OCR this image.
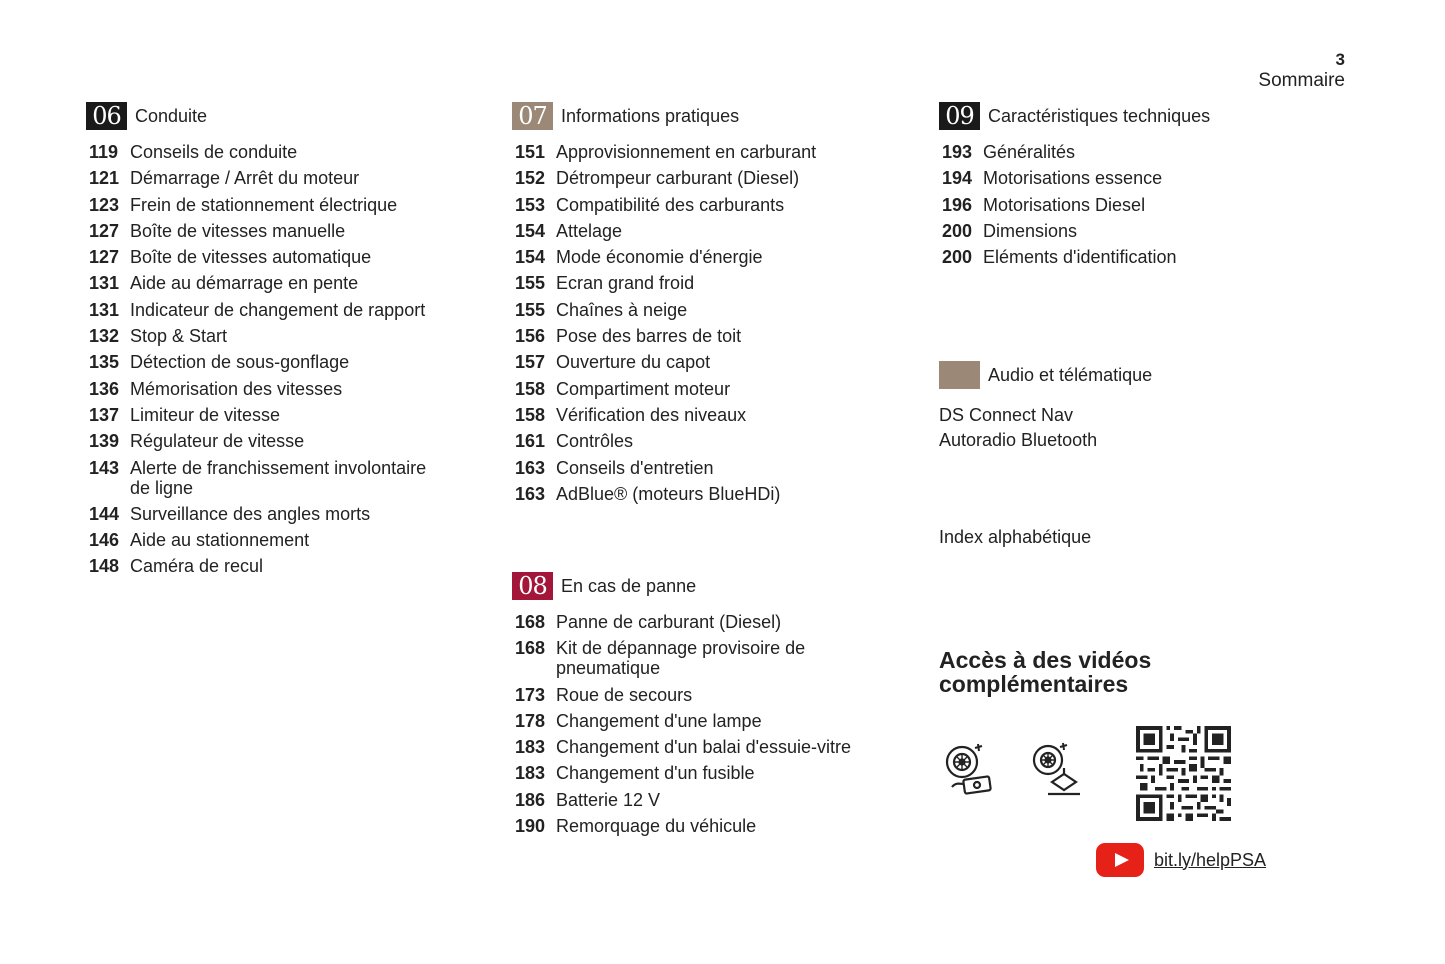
3
Sommaire
06 Conduite
119 Conseils de conduite
121 Démarrage / Arrêt du moteur
123 Frein de stationnement électrique
127 Boîte de vitesses manuelle
127 Boîte de vitesses automatique
131 Aide au démarrage en pente
131 Indicateur de changement de rapport
132 Stop & Start
135 Détection de sous-gonflage
136 Mémorisation des vitesses
137 Limiteur de vitesse
139 Régulateur de vitesse
143 Alerte de franchissement involontaire de ligne
144 Surveillance des angles morts
146 Aide au stationnement
148 Caméra de recul
07 Informations pratiques
151 Approvisionnement en carburant
152 Détrompeur carburant (Diesel)
153 Compatibilité des carburants
154 Attelage
154 Mode économie d'énergie
155 Ecran grand froid
155 Chaînes à neige
156 Pose des barres de toit
157 Ouverture du capot
158 Compartiment moteur
158 Vérification des niveaux
161 Contrôles
163 Conseils d'entretien
163 AdBlue® (moteurs BlueHDi)
08 En cas de panne
168 Panne de carburant (Diesel)
168 Kit de dépannage provisoire de pneumatique
173 Roue de secours
178 Changement d'une lampe
183 Changement d'un balai d'essuie-vitre
183 Changement d'un fusible
186 Batterie 12 V
190 Remorquage du véhicule
09 Caractéristiques techniques
193 Généralités
194 Motorisations essence
196 Motorisations Diesel
200 Dimensions
200 Eléments d'identification
Audio et télématique
DS Connect Nav
Autoradio Bluetooth
Index alphabétique
Accès à des vidéos complémentaires
bit.ly/helpPSA
